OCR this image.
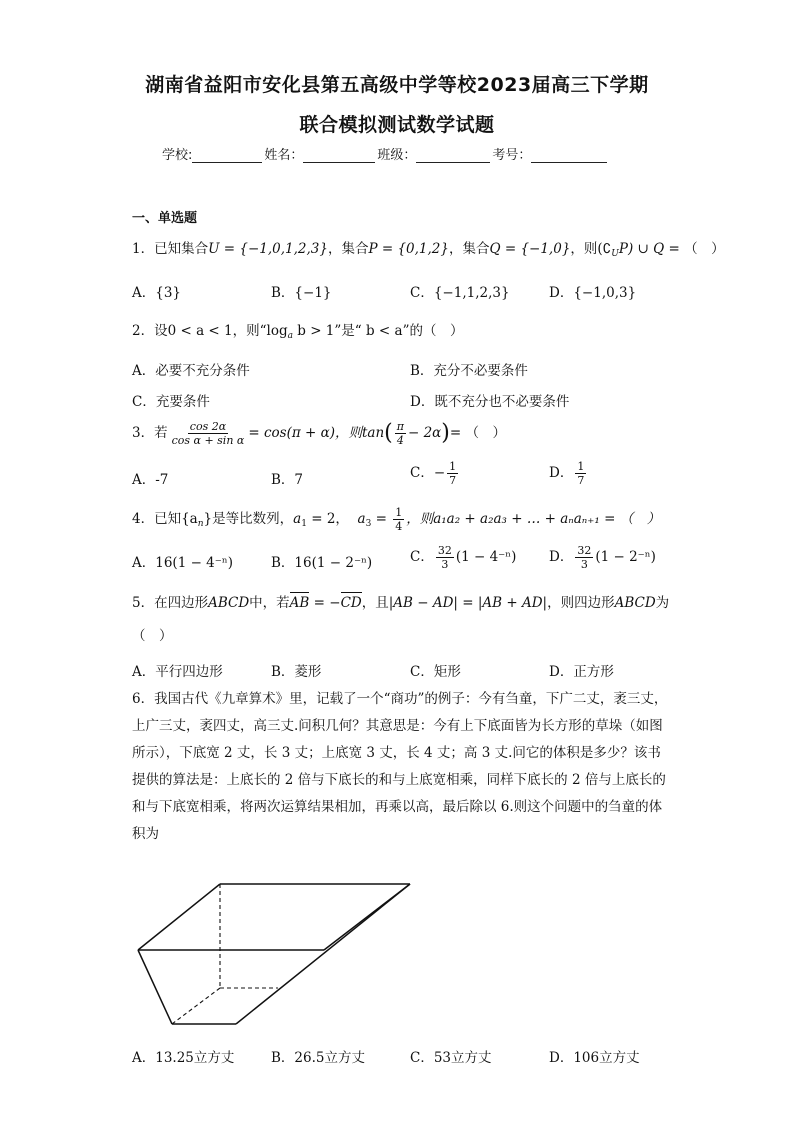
湖南省益阳市安化县第五高级中学等校2023届高三下学期
联合模拟测试数学试题
学校:	姓名：	班级：	考号：
一、单选题
1．已知集合U = {−1,0,1,2,3}，集合P = {0,1,2}，集合Q = {−1,0}，则$(∁_UP)$ ∪ Q = （　）
A．{3}	B．{−1}	C．{−1,1,2,3}	D．{−1,0,3}
2．设0 < a < 1，则“$\log_a$ b > 1”是“ b < a”的（　）
A．必要不充分条件	B．充分不必要条件
C．充要条件	D．既不充分也不必要条件
3．若 $\frac{\cos 2\alpha}{\text{cos α + sin α}} = \cos(\pi + \alpha)$，则$\tan( \frac{\pi}{4} - 2\alpha)=$ （　）
A．-7	B．7	C．− $\frac{1}{7}$	D． $\frac{1}{7}$
4．已知$\{a_n\}$是等比数列，$a_1 = 2$， $a_3 = \frac{1}{4}$ ，则a₁a₂ + a₂a₃ + … + aₙaₙ₊₁ = （　）
A．16(1 − 4⁻ⁿ)	B．16(1 − 2⁻ⁿ)	C． $\frac{32}{3} (1 - 4^{-n})$ D． $\frac{32}{3} (1 - 2^{-n})$
5．在四边形ABCD中，若AB = −CD，且|AB − AD| = |AB + AD|，则四边形ABCD为
（　）
A．平行四边形	B．菱形	C．矩形	D．正方形
6．我国古代《九章算术》里，记载了一个“商功”的例子：今有刍童，下广二丈，袤三丈，上广三丈，袤四丈，高三丈.问积几何？其意思是：今有上下底面皆为长方形的草垛（如图所示），下底宽 2 丈，长 3 丈；上底宽 3 丈，长 4 丈；高 3 丈.问它的体积是多少？该书提供的算法是：上底长的 2 倍与下底长的和与上底宽相乘，同样下底长的 2 倍与上底长的和与下底宽相乘，将两次运算结果相加，再乘以高，最后除以 6.则这个问题中的刍童的体积为
A．13.25立方丈	B．26.5立方丈	C．53立方丈	D．106立方丈
